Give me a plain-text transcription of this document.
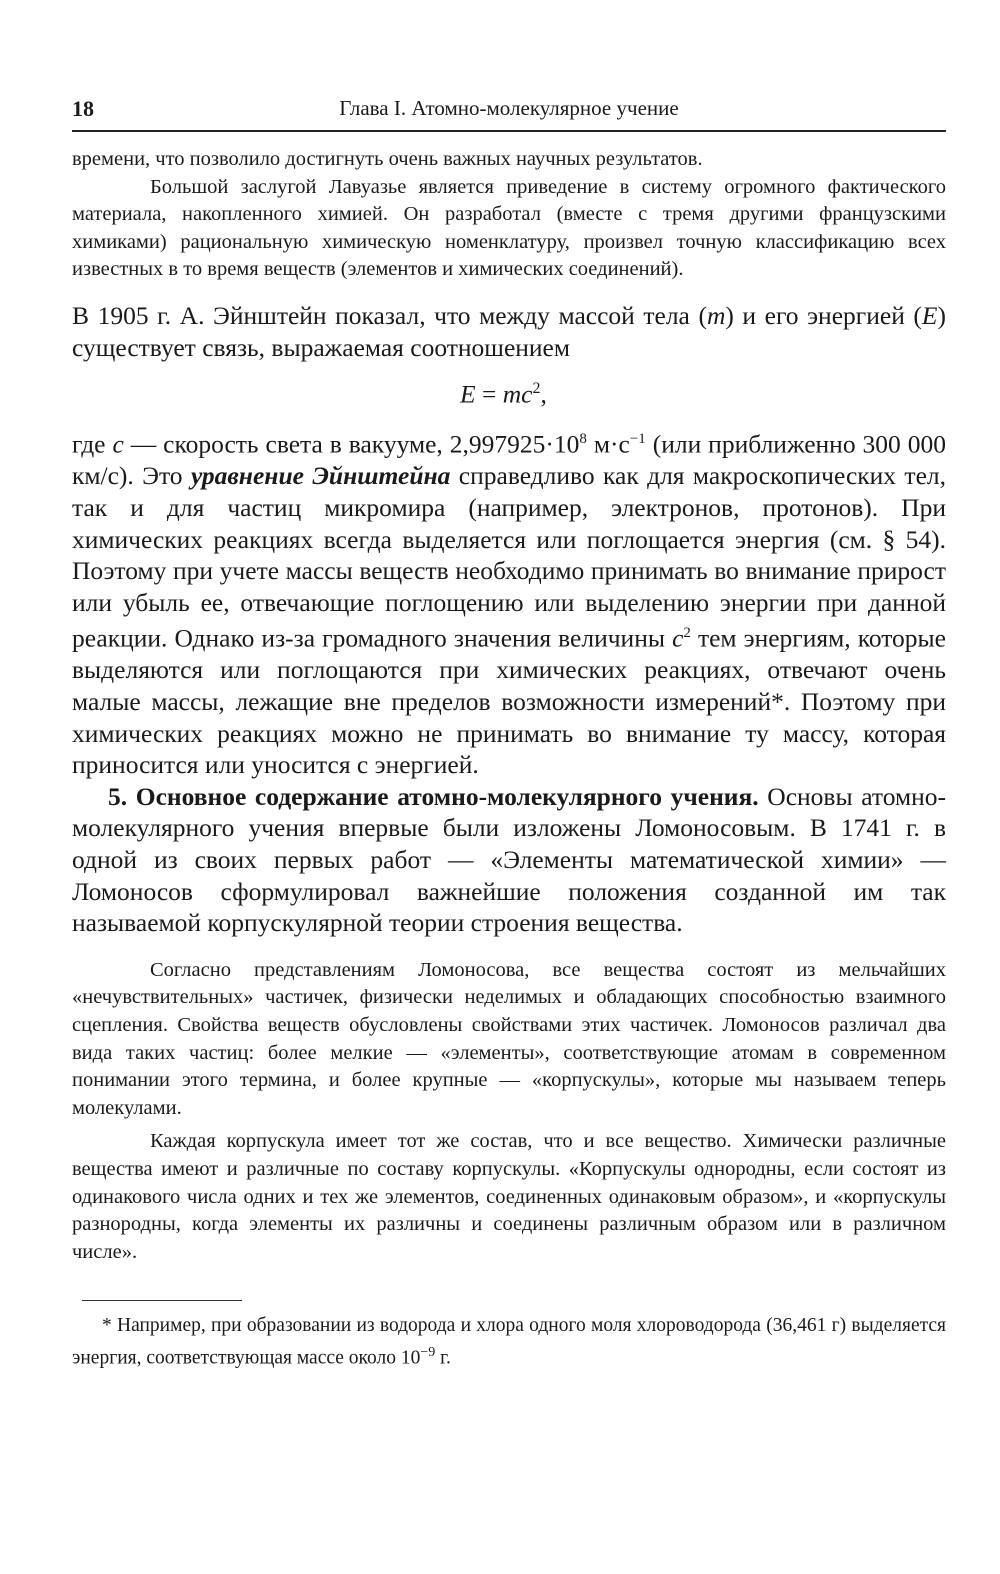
18	Глава I. Атомно-молекулярное учение

времени, что позволило достигнуть очень важных научных результатов.

Большой заслугой Лавуазье является приведение в систему огромного фактического материала, накопленного химией. Он разработал (вместе с тремя другими французскими химиками) рациональную химическую номенклатуру, произвел точную классификацию всех известных в то время веществ (элементов и химических соединений).

В 1905 г. А. Эйнштейн показал, что между массой тела (m) и его энергией (E) существует связь, выражаемая соотношением

$E = mc^2$,

где c — скорость света в вакууме, $2,997925\cdot 10^8$ $м\cdot с^{-1}$ (или приближенно 300 000 км/с). Это уравнение Эйнштейна справедливо как для макроскопических тел, так и для частиц микромира (например, электронов, протонов). При химических реакциях всегда выделяется или поглощается энергия (см. § 54). Поэтому при учете массы веществ необходимо принимать во внимание прирост или убыль ее, отвечающие поглощению или выделению энергии при данной реакции. Однако из-за громадного значения величины $c^2$ тем энергиям, которые выделяются или поглощаются при химических реакциях, отвечают очень малые массы, лежащие вне пределов возможности измерений*. Поэтому при химических реакциях можно не принимать во внимание ту массу, которая приносится или уносится с энергией.

5. Основное содержание атомно-молекулярного учения. Основы атомно-молекулярного учения впервые были изложены Ломоносовым. В 1741 г. в одной из своих первых работ — «Элементы математической химии» — Ломоносов сформулировал важнейшие положения созданной им так называемой корпускулярной теории строения вещества.

Согласно представлениям Ломоносова, все вещества состоят из мельчайших «нечувствительных» частичек, физически неделимых и обладающих способностью взаимного сцепления. Свойства веществ обусловлены свойствами этих частичек. Ломоносов различал два вида таких частиц: более мелкие — «элементы», соответствующие атомам в современном понимании этого термина, и более крупные — «корпускулы», которые мы называем теперь молекулами.

Каждая корпускула имеет тот же состав, что и все вещество. Химически различные вещества имеют и различные по составу корпускулы. «Корпускулы однородны, если состоят из одинакового числа одних и тех же элементов, соединенных одинаковым образом», и «корпускулы разнородны, когда элементы их различны и соединены различным образом или в различном числе».

* Например, при образовании из водорода и хлора одного моля хлороводорода (36,461 г) выделяется энергия, соответствующая массе около $10^{-9}$ г.
